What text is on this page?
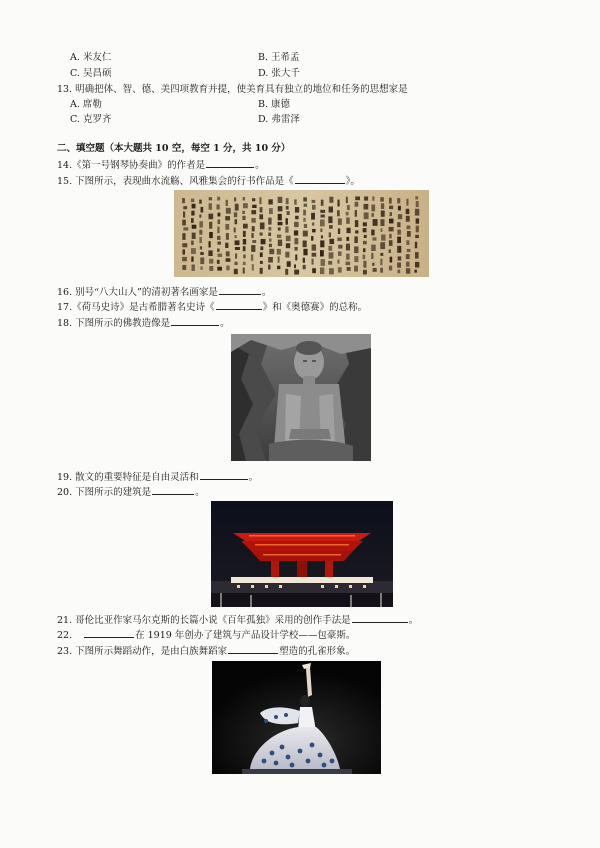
A. 米友仁	B. 王希孟
C. 吴昌硕	D. 张大千
13. 明确把体、智、德、美四项教育并提，使美育具有独立的地位和任务的思想家是
A. 席勒	B. 康德
C. 克罗齐	D. 弗雷泽
二、填空题（本大题共 10 空，每空 1 分，共 10 分）
14.《第一号钢琴协奏曲》的作者是	。
15. 下图所示，表现曲水流觞、风雅集会的行书作品是《	》。
16. 别号“八大山人”的清初著名画家是	。
17.《荷马史诗》是古希腊著名史诗《	》和《奥德赛》的总称。
18. 下图所示的佛教造像是	。
19. 散文的重要特征是自由灵活和	。
20. 下图所示的建筑是	。
21. 哥伦比亚作家马尔克斯的长篇小说《百年孤独》采用的创作手法是	。
22.	在 1919 年创办了建筑与产品设计学校——包豪斯。
23. 下图所示舞蹈动作，是由白族舞蹈家	塑造的孔雀形象。
